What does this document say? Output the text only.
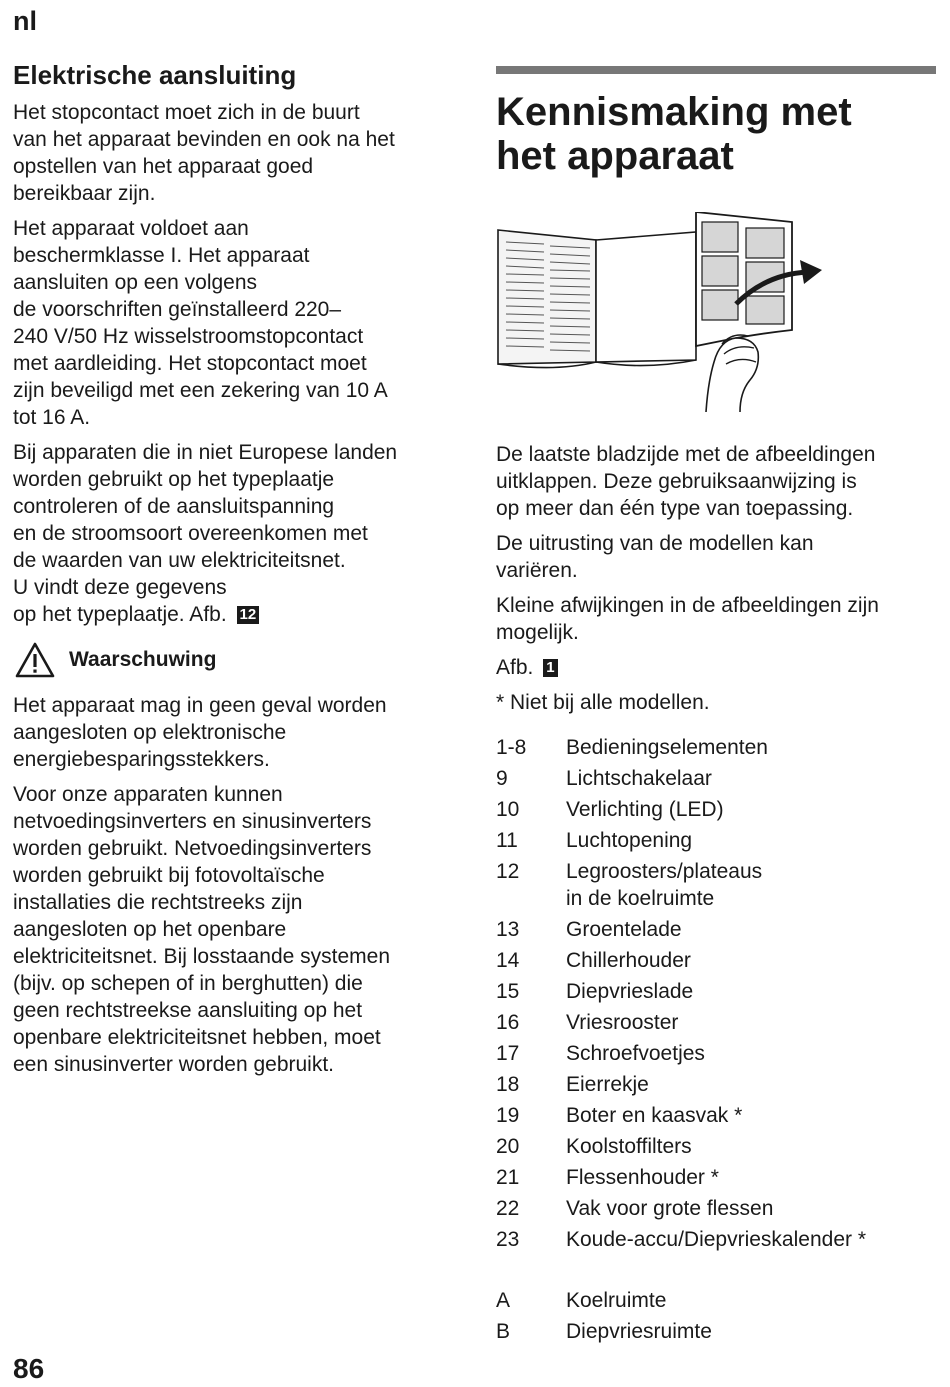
nl
Elektrische aansluiting

Het stopcontact moet zich in de buurt
van het apparaat bevinden en ook na het
opstellen van het apparaat goed
bereikbaar zijn.

Het apparaat voldoet aan
beschermklasse I. Het apparaat
aansluiten op een volgens
de voorschriften geïnstalleerd 220–
240 V/50 Hz wisselstroomstopcontact
met aardleiding. Het stopcontact moet
zijn beveiligd met een zekering van 10 A
tot 16 A.

Bij apparaten die in niet Europese landen
worden gebruikt op het typeplaatje
controleren of de aansluitspanning
en de stroomsoort overeenkomen met
de waarden van uw elektriciteitsnet.
U vindt deze gegevens
op het typeplaatje. Afb. 12

Waarschuwing

Het apparaat mag in geen geval worden
aangesloten op elektronische
energiebesparingsstekkers.

Voor onze apparaten kunnen
netvoedingsinverters en sinusinverters
worden gebruikt. Netvoedingsinverters
worden gebruikt bij fotovoltaïsche
installaties die rechtstreeks zijn
aangesloten op het openbare
elektriciteitsnet. Bij losstaande systemen
(bijv. op schepen of in berghutten) die
geen rechtstreekse aansluiting op het
openbare elektriciteitsnet hebben, moet
een sinusinverter worden gebruikt.

Kennismaking met
het apparaat

De laatste bladzijde met de afbeeldingen
uitklappen. Deze gebruiksaanwijzing is
op meer dan één type van toepassing.

De uitrusting van de modellen kan
variëren.

Kleine afwijkingen in de afbeeldingen zijn
mogelijk.

Afb. 1

* Niet bij alle modellen.

1-8	Bedieningselementen
9	Lichtschakelaar
10	Verlichting (LED)
11	Luchtopening
12	Legroosters/plateaus
in de koelruimte
13	Groentelade
14	Chillerhouder
15	Diepvrieslade
16	Vriesrooster
17	Schroefvoetjes
18	Eierrekje
19	Boter en kaasvak *
20	Koolstoffilters
21	Flessenhouder *
22	Vak voor grote flessen
23	Koude-accu/Diepvrieskalender *
A	Koelruimte
B	Diepvriesruimte
86
